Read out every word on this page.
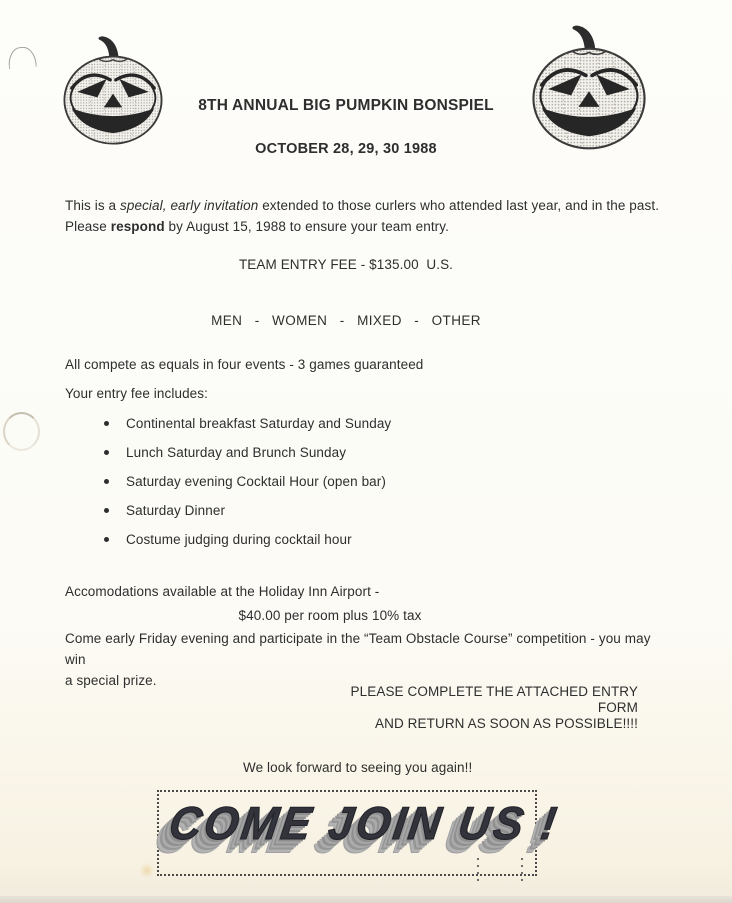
8TH ANNUAL BIG PUMPKIN BONSPIEL
OCTOBER 28, 29, 30 1988
This is a special, early invitation extended to those curlers who attended last year, and in the past.
Please respond by August 15, 1988 to ensure your team entry.
TEAM ENTRY FEE - $135.00  U.S.
MEN   -   WOMEN   -   MIXED   -   OTHER
All compete as equals in four events - 3 games guaranteed
Your entry fee includes:
Continental breakfast Saturday and Sunday
Lunch Saturday and Brunch Sunday
Saturday evening Cocktail Hour (open bar)
Saturday Dinner
Costume judging during cocktail hour
Accomodations available at the Holiday Inn Airport -
$40.00 per room plus 10% tax
Come early Friday evening and participate in the “Team Obstacle Course” competition - you may win
a special prize.
PLEASE COMPLETE THE ATTACHED ENTRY FORM
AND RETURN AS SOON AS POSSIBLE!!!!
We look forward to seeing you again!!
COME JOIN US !
